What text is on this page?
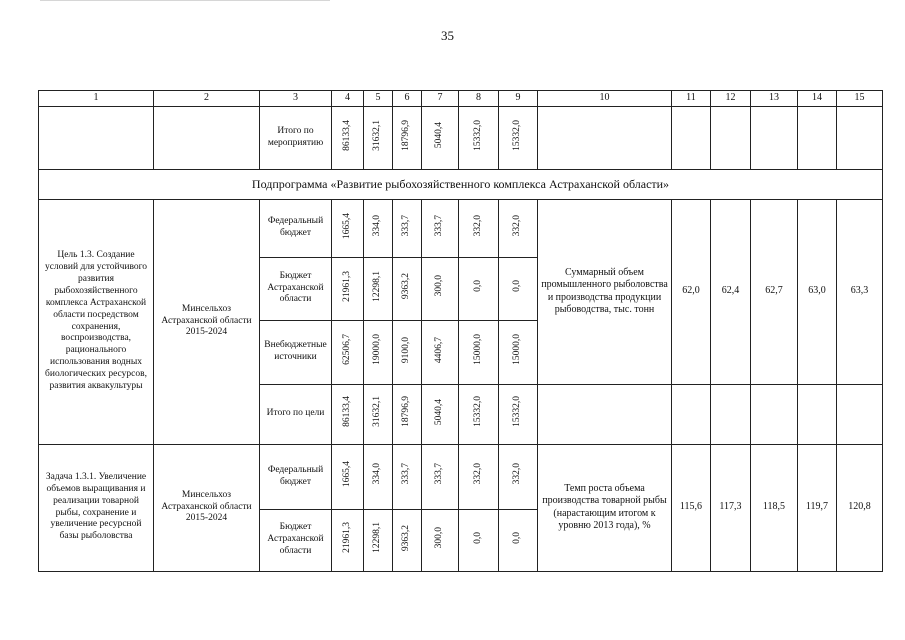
35
1	2	3	4	5	6	7	8	9	10	11	12	13	14	15
		Итого по мероприятию	86133,4	31632,1	18796,9	5040,4	15332,0	15332,0						
Подпрограмма «Развитие рыбохозяйственного комплекса Астраханской области»														
Цель 1.3. Создание условий для устойчивого развития рыбохозяйственного комплекса Астраханской области посредством сохранения, воспроизводства, рационального использования водных биологических ресурсов, развития аквакультуры	Минсельхоз Астраханской области 2015-2024	Федеральный бюджет	1665,4	334,0	333,7	333,7	332,0	332,0	Суммарный объем промышленного рыболовства и производства продукции рыбоводства, тыс. тонн	62,0	62,4	62,7	63,0	63,3
		Бюджет Астраханской области	21961,3	12298,1	9363,2	300,0	0,0	0,0						
		Внебюджетные источники	62506,7	19000,0	9100,0	4406,7	15000,0	15000,0						
		Итого по цели	86133,4	31632,1	18796,9	5040,4	15332,0	15332,0						
Задача 1.3.1. Увеличение объемов выращивания и реализации товарной рыбы, сохранение и увеличение ресурсной базы рыболовства	Минсельхоз Астраханской области 2015-2024	Федеральный бюджет	1665,4	334,0	333,7	333,7	332,0	332,0	Темп роста объема производства товарной рыбы (нарастающим итогом к уровню 2013 года), %	115,6	117,3	118,5	119,7	120,8
		Бюджет Астраханской области	21961,3	12298,1	9363,2	300,0	0,0	0,0						
